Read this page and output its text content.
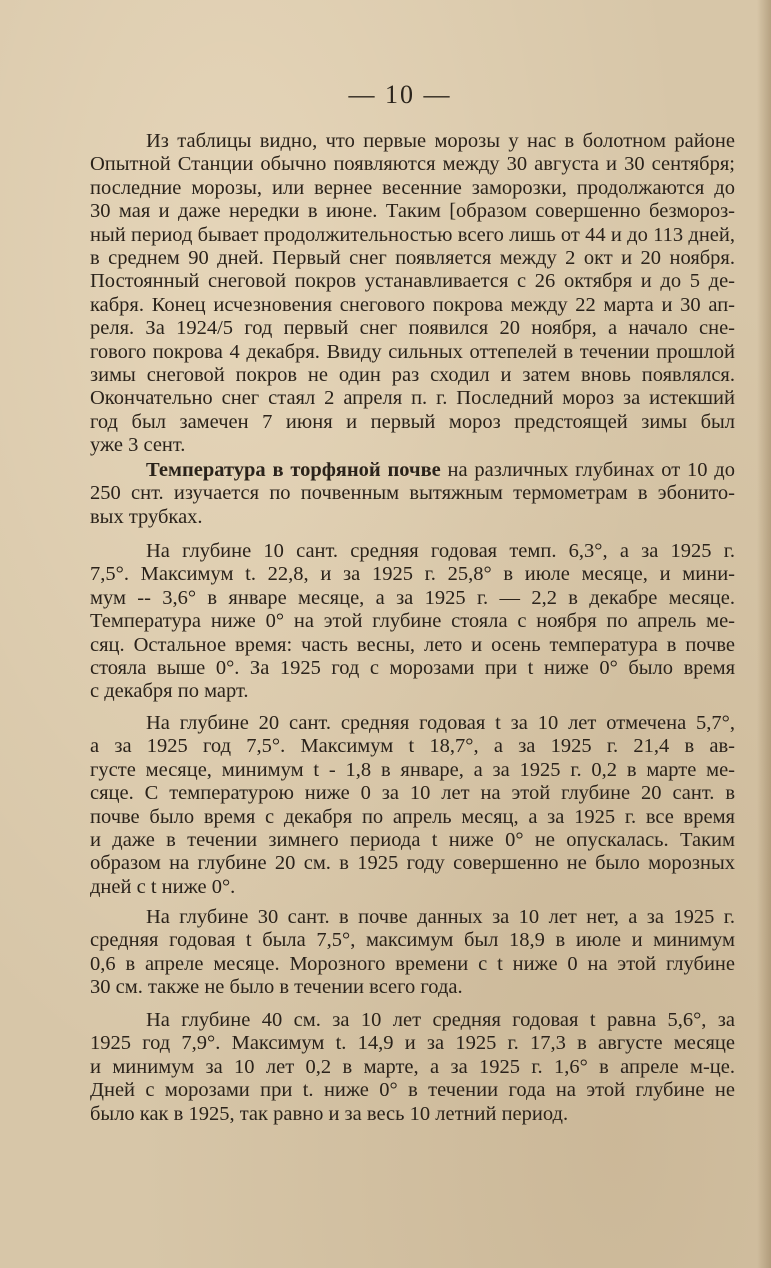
— 10 —
Из таблицы видно, что первые морозы у нас в болотном районе
Опытной Станции обычно появляются между 30 августа и 30 сентября;
последние морозы, или вернее весенние заморозки, продолжаются до
30 мая и даже нередки в июне. Таким [образом совершенно безмороз-
ный период бывает продолжительностью всего лишь от 44 и до 113 дней,
в среднем 90 дней. Первый снег появляется между 2 окт и 20 ноября.
Постоянный снеговой покров устанавливается с 26 октября и до 5 де-
кабря. Конец исчезновения снегового покрова между 22 марта и 30 ап-
реля. За 1924/5 год первый снег появился 20 ноября, а начало сне-
гового покрова 4 декабря. Ввиду сильных оттепелей в течении прошлой
зимы снеговой покров не один раз сходил и затем вновь появлялся.
Окончательно снег стаял 2 апреля п. г. Последний мороз за истекший
год был замечен 7 июня и первый мороз предстоящей зимы был
уже 3 сент.
Температура в торфяной почве на различных глубинах от 10 до
250 снт. изучается по почвенным вытяжным термометрам в эбонито-
вых трубках.
На глубине 10 сант. средняя годовая темп. 6,3°, а за 1925 г.
7,5°. Максимум t. 22,8, и за 1925 г. 25,8° в июле месяце, и мини-
мум -- 3,6° в январе месяце, а за 1925 г. — 2,2 в декабре месяце.
Температура ниже 0° на этой глубине стояла с ноября по апрель ме-
сяц. Остальное время: часть весны, лето и осень температура в почве
стояла выше 0°. За 1925 год с морозами при t ниже 0° было время
с декабря по март.
На глубине 20 сант. средняя годовая t за 10 лет отмечена 5,7°,
а за 1925 год 7,5°. Максимум t 18,7°, а за 1925 г. 21,4 в ав-
густе месяце, минимум t - 1,8 в январе, а за 1925 г. 0,2 в марте ме-
сяце. С температурою ниже 0 за 10 лет на этой глубине 20 сант. в
почве было время с декабря по апрель месяц, а за 1925 г. все время
и даже в течении зимнего периода t ниже 0° не опускалась. Таким
образом на глубине 20 см. в 1925 году совершенно не было морозных
дней с t ниже 0°.
На глубине 30 сант. в почве данных за 10 лет нет, а за 1925 г.
средняя годовая t была 7,5°, максимум был 18,9 в июле и минимум
0,6 в апреле месяце. Морозного времени с t ниже 0 на этой глубине
30 см. также не было в течении всего года.
На глубине 40 см. за 10 лет средняя годовая t равна 5,6°, за
1925 год 7,9°. Максимум t. 14,9 и за 1925 г. 17,3 в августе месяце
и минимум за 10 лет 0,2 в марте, а за 1925 г. 1,6° в апреле м-це.
Дней с морозами при t. ниже 0° в течении года на этой глубине не
было как в 1925, так равно и за весь 10 летний период.
